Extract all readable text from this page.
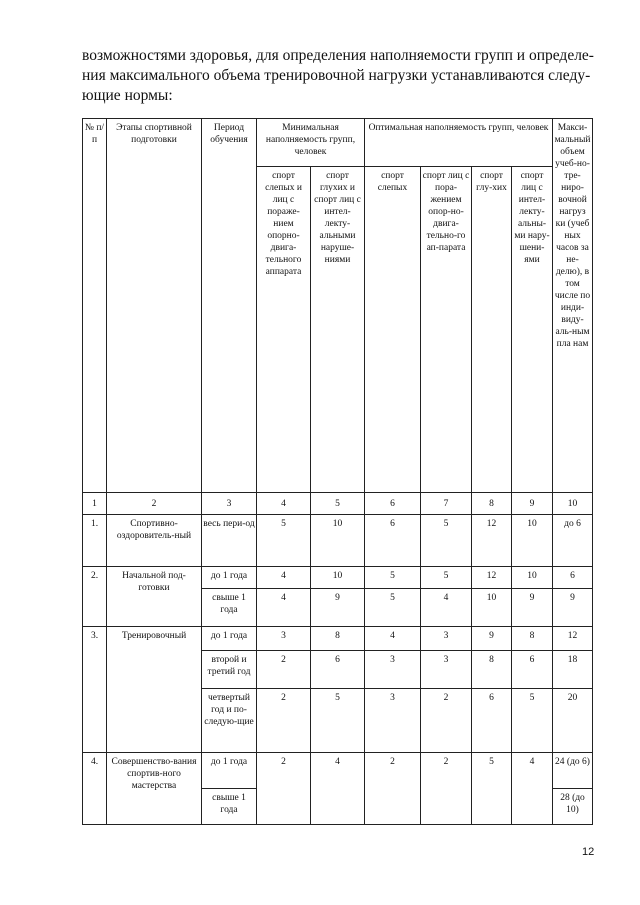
возможностями здоровья, для определения наполняемости групп и определе-
ния максимального объема тренировочной нагрузки устанавливаются следу-
ющие нормы:
№ п/п	Этапы спортивной подготовки	Период обучения	Минимальная наполняемость групп, человек		Оптимальная наполняемость групп, человек				Макси-мальный объем учеб-но-тре-ниро-вочной нагруз ки (учеб ных часов за не-делю), в том числе по инди-виду-аль-ным пла нам
			спорт слепых и лиц с пораже-нием опорно-двига-тельного аппарата	спорт глухих и спорт лиц с интел-лекту-альными наруше-ниями	спорт слепых	спорт лиц с пора-жением опор-но-двига-тельно-го ап-парата	спорт глу-хих	спорт лиц с интел-лекту-альны-ми нару-шени-ями	
1	2	3	4	5	6	7	8	9	10
1.	Спортивно-оздоровитель-ный	весь пери-од	5	10	6	5	12	10	до 6
2.	Начальной под-готовки	до 1 года	4	10	5	5	12	10	6
		свыше 1 года	4	9	5	4	10	9	9
3.	Тренировочный	до 1 года	3	8	4	3	9	8	12
		второй и третий год	2	6	3	3	8	6	18
		четвертый год и по-следую-щие	2	5	3	2	6	5	20
4.	Совершенство-вания спортив-ного мастерства	до 1 года	2	4	2	2	5	4	24 (до 6)
		свыше 1 года							28 (до 10)
12
